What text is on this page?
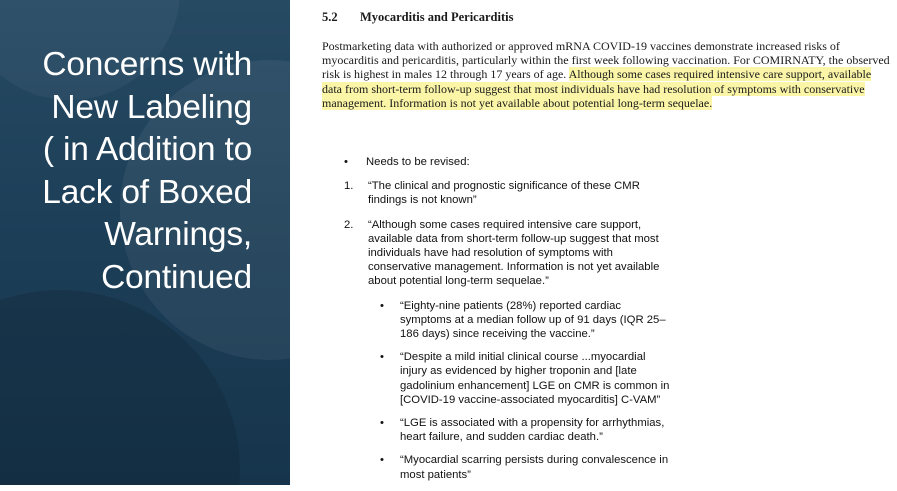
Concerns with
New Labeling
( in Addition to
Lack of Boxed
Warnings,
Continued
5.2 Myocarditis and Pericarditis

Postmarketing data with authorized or approved mRNA COVID-19 vaccines demonstrate increased risks of myocarditis and pericarditis, particularly within the first week following vaccination. For COMIRNATY, the observed risk is highest in males 12 through 17 years of age. Although some cases required intensive care support, available data from short-term follow-up suggest that most individuals have had resolution of symptoms with conservative management. Information is not yet available about potential long-term sequelae.

• Needs to be revised:
1. “The clinical and prognostic significance of these CMR findings is not known”
2. “Although some cases required intensive care support, available data from short-term follow-up suggest that most individuals have had resolution of symptoms with conservative management. Information is not yet available about potential long-term sequelae.”
• “Eighty-nine patients (28%) reported cardiac symptoms at a median follow up of 91 days (IQR 25–186 days) since receiving the vaccine.”
• “Despite a mild initial clinical course ...myocardial injury as evidenced by higher troponin and [late gadolinium enhancement] LGE on CMR is common in [COVID-19 vaccine-associated myocarditis] C-VAM”
• “LGE is associated with a propensity for arrhythmias, heart failure, and sudden cardiac death.”
• “Myocardial scarring persists during convalescence in most patients”
